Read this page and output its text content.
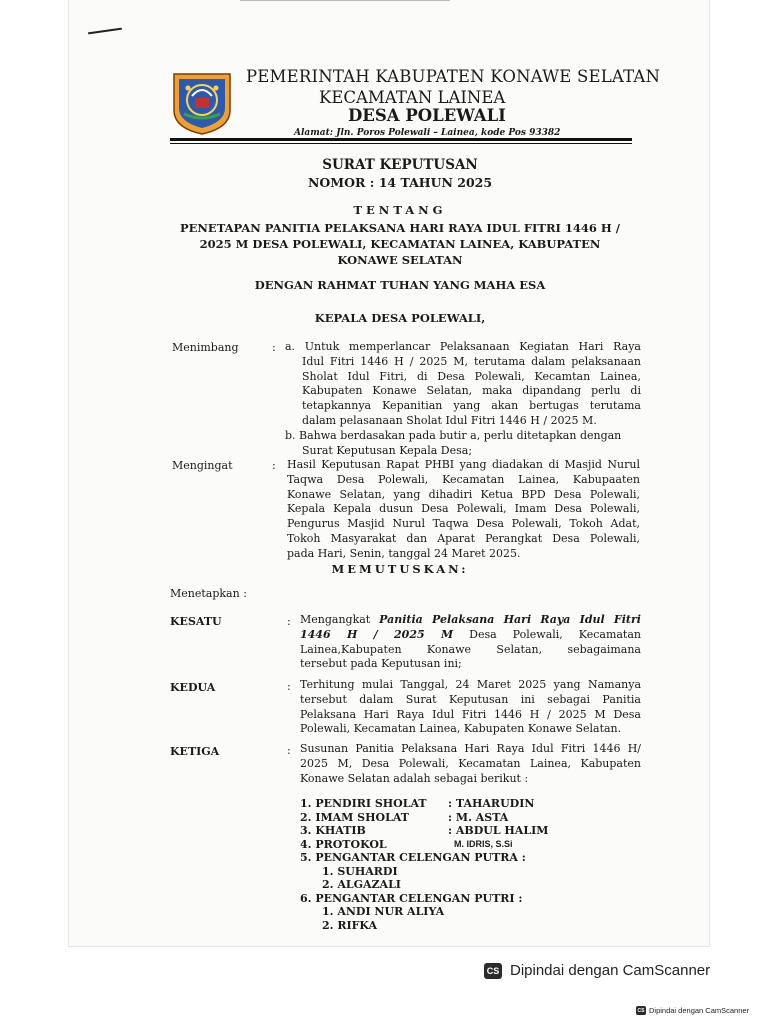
PEMERINTAH KABUPATEN KONAWE SELATAN
KECAMATAN LAINEA
DESA POLEWALI
Alamat: Jln. Poros Polewali – Lainea, kode Pos 93382
SURAT KEPUTUSAN
NOMOR : 14 TAHUN 2025
TENTANG
PENETAPAN PANITIA PELAKSANA HARI RAYA IDUL FITRI 1446 H /
2025 M DESA POLEWALI, KECAMATAN LAINEA, KABUPATEN
KONAWE SELATAN
DENGAN RAHMAT TUHAN YANG MAHA ESA
KEPALA DESA POLEWALI,
Menimbang	: a. Untuk memperlancar Pelaksanaan Kegiatan Hari Raya
Idul Fitri 1446 H / 2025 M, terutama dalam pelaksanaan
Sholat Idul Fitri, di Desa Polewali, Kecamtan Lainea,
Kabupaten Konawe Selatan, maka dipandang perlu di
tetapkannya Kepanitian yang akan bertugas terutama
dalam pelasanaan Sholat Idul Fitri 1446 H / 2025 M.
b. Bahwa berdasakan pada butir a, perlu ditetapkan dengan
Surat Keputusan Kepala Desa;
Mengingat	: Hasil Keputusan Rapat PHBI yang diadakan di Masjid Nurul
Taqwa Desa Polewali, Kecamatan Lainea, Kabupaaten
Konawe Selatan, yang dihadiri Ketua BPD Desa Polewali,
Kepala Kepala dusun Desa Polewali, Imam Desa Polewali,
Pengurus Masjid Nurul Taqwa Desa Polewali, Tokoh Adat,
Tokoh Masyarakat dan Aparat Perangkat Desa Polewali,
pada Hari, Senin, tanggal 24 Maret 2025.
MEMUTUSKAN:
Menetapkan :
KESATU	: Mengangkat Panitia Pelaksana Hari Raya Idul Fitri
1446 H / 2025 M Desa Polewali, Kecamatan
Lainea,Kabupaten Konawe Selatan, sebagaimana
tersebut pada Keputusan ini;
KEDUA	: Terhitung mulai Tanggal, 24 Maret 2025 yang Namanya
tersebut dalam Surat Keputusan ini sebagai Panitia
Pelaksana Hari Raya Idul Fitri 1446 H / 2025 M Desa
Polewali, Kecamatan Lainea, Kabupaten Konawe Selatan.
KETIGA	: Susunan Panitia Pelaksana Hari Raya Idul Fitri 1446 H/
2025 M, Desa Polewali, Kecamatan Lainea, Kabupaten
Konawe Selatan adalah sebagai berikut :
1. PENDIRI SHOLAT : TAHARUDIN
2. IMAM SHOLAT	: M. ASTA
3. KHATIB	: ABDUL HALIM
4. PROTOKOL	M. IDRIS, S.Si
5. PENGANTAR CELENGAN PUTRA :
1. SUHARDI
2. ALGAZALI
6. PENGANTAR CELENGAN PUTRI :
1. ANDI NUR ALIYA
2. RIFKA
CS Dipindai dengan CamScanner
CS Dipindai dengan CamScanner
